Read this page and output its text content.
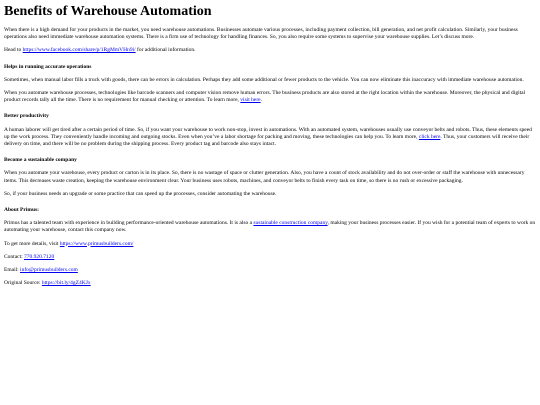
Benefits of Warehouse Automation

When there is a high demand for your products in the market, you need warehouse automations. Businesses automate various processes, including payment collection, bill generation, and net profit calculation. Similarly, your business operations also need immediate warehouse automation systems. There is a firm use of technology for handling finances. So, you also require some systems to supervise your warehouse supplies. Let’s discuss more.

Head to https://www.facebook.com/share/p/1RgMmVHn9i/ for additional information.

Helps in running accurate operations

Sometimes, when manual labor fills a truck with goods, there can be errors in calculation. Perhaps they add some additional or fewer products to the vehicle. You can now eliminate this inaccuracy with immediate warehouse automation.

When you automate warehouse processes, technologies like barcode scanners and computer vision remove human errors. The business products are also stored at the right location within the warehouse. Moreover, the physical and digital product records tally all the time. There is no requirement for manual checking or attention. To learn more, visit here.

Better productivity

A human laborer will get tired after a certain period of time. So, if you want your warehouse to work non-stop, invest in automations. With an automated system, warehouses usually use conveyor belts and robots. Thus, these elements speed up the work process. They conveniently handle incoming and outgoing stocks. Even when you’ve a labor shortage for packing and moving, these technologies can help you. To learn more, click here. Thus, your customers will receive their delivery on time, and there will be no problem during the shipping process. Every product tag and barcode also stays intact.

Become a sustainable company

When you automate your warehouse, every product or carton is in its place. So, there is no wastage of space or clutter generation. Also, you have a count of stock availability and do not over-order or staff the warehouse with unnecessary items. This decreases waste creation, keeping the warehouse environment clear. Your business uses robots, machines, and conveyor belts to finish every task on time, so there is no rush or excessive packaging.

So, if your business needs an upgrade or some practice that can speed up the processes, consider automating the warehouse.

About Primus:

Primus has a talented team with experience in building performance-oriented warehouse automations. It is also a sustainable construction company, making your business processes easier. If you wish for a potential team of experts to work on automating your warehouse, contact this company now.

To get more details, visit https://www.primusbuilders.com/

Contact: 770.920.7120

Email: info@primusbuilders.com

Original Source: https://bit.ly/4gZ4KJx
